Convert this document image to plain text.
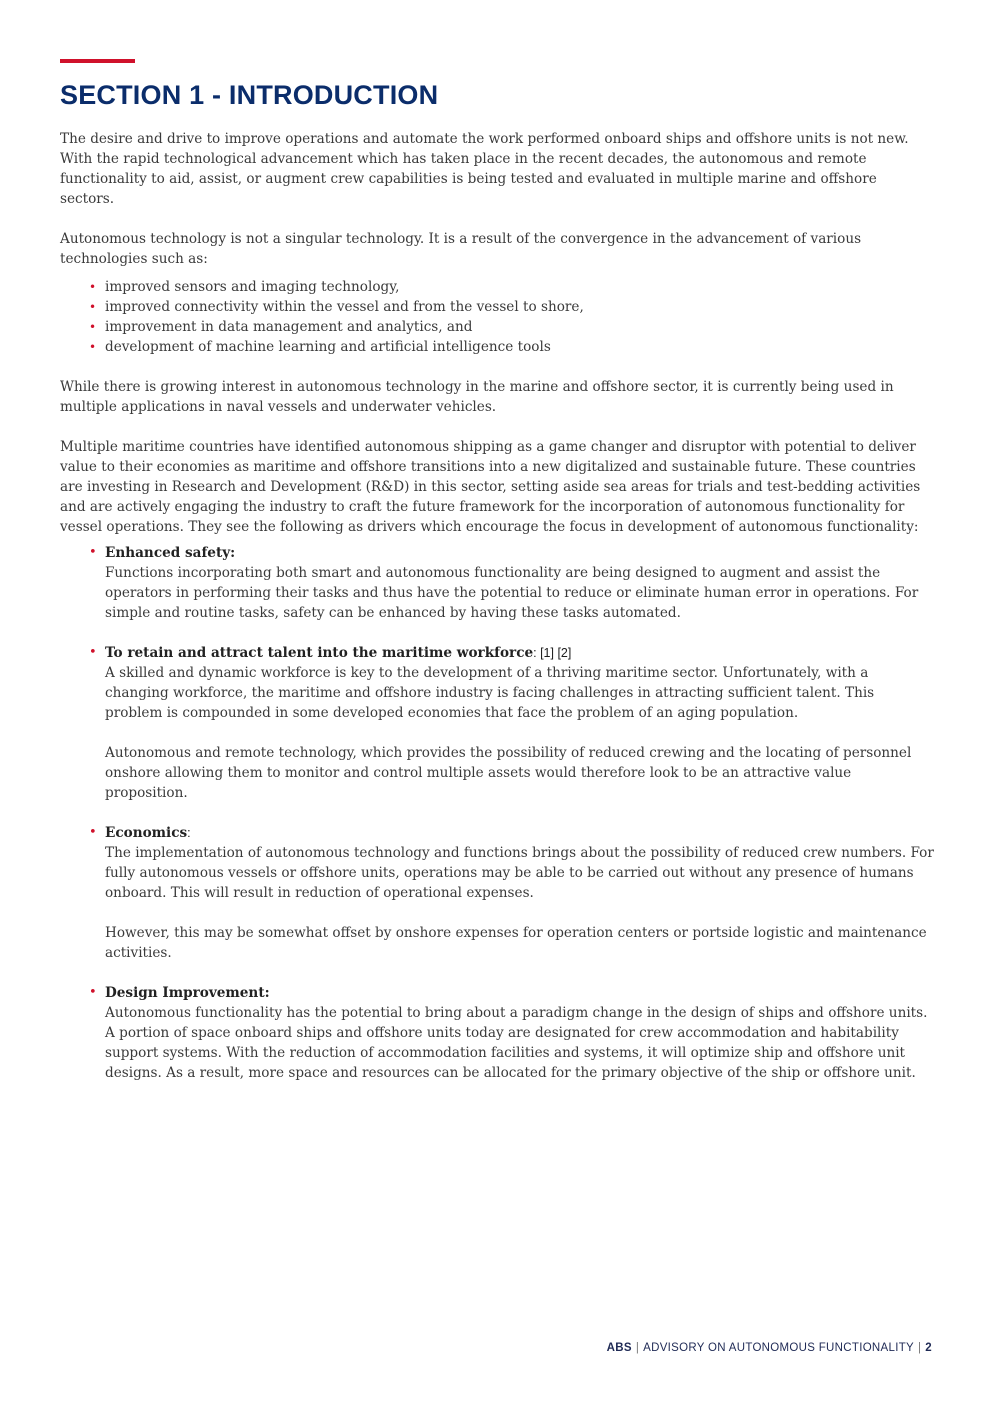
SECTION 1 - INTRODUCTION

The desire and drive to improve operations and automate the work performed onboard ships and offshore units is not new. With the rapid technological advancement which has taken place in the recent decades, the autonomous and remote functionality to aid, assist, or augment crew capabilities is being tested and evaluated in multiple marine and offshore sectors.

Autonomous technology is not a singular technology. It is a result of the convergence in the advancement of various technologies such as:

• improved sensors and imaging technology,
• improved connectivity within the vessel and from the vessel to shore,
• improvement in data management and analytics, and
• development of machine learning and artificial intelligence tools

While there is growing interest in autonomous technology in the marine and offshore sector, it is currently being used in multiple applications in naval vessels and underwater vehicles.

Multiple maritime countries have identified autonomous shipping as a game changer and disruptor with potential to deliver value to their economies as maritime and offshore transitions into a new digitalized and sustainable future. These countries are investing in Research and Development (R&D) in this sector, setting aside sea areas for trials and test-bedding activities and are actively engaging the industry to craft the future framework for the incorporation of autonomous functionality for vessel operations. They see the following as drivers which encourage the focus in development of autonomous functionality:

• Enhanced safety:

Functions incorporating both smart and autonomous functionality are being designed to augment and assist the operators in performing their tasks and thus have the potential to reduce or eliminate human error in operations. For simple and routine tasks, safety can be enhanced by having these tasks automated.

• To retain and attract talent into the maritime workforce: [1] [2]

A skilled and dynamic workforce is key to the development of a thriving maritime sector. Unfortunately, with a changing workforce, the maritime and offshore industry is facing challenges in attracting sufficient talent. This problem is compounded in some developed economies that face the problem of an aging population.

Autonomous and remote technology, which provides the possibility of reduced crewing and the locating of personnel onshore allowing them to monitor and control multiple assets would therefore look to be an attractive value proposition.

• Economics:

The implementation of autonomous technology and functions brings about the possibility of reduced crew numbers. For fully autonomous vessels or offshore units, operations may be able to be carried out without any presence of humans onboard. This will result in reduction of operational expenses.

However, this may be somewhat offset by onshore expenses for operation centers or portside logistic and maintenance activities.

• Design Improvement:

Autonomous functionality has the potential to bring about a paradigm change in the design of ships and offshore units. A portion of space onboard ships and offshore units today are designated for crew accommodation and habitability support systems. With the reduction of accommodation facilities and systems, it will optimize ship and offshore unit designs. As a result, more space and resources can be allocated for the primary objective of the ship or offshore unit.

ABS | ADVISORY ON AUTONOMOUS FUNCTIONALITY | 2
